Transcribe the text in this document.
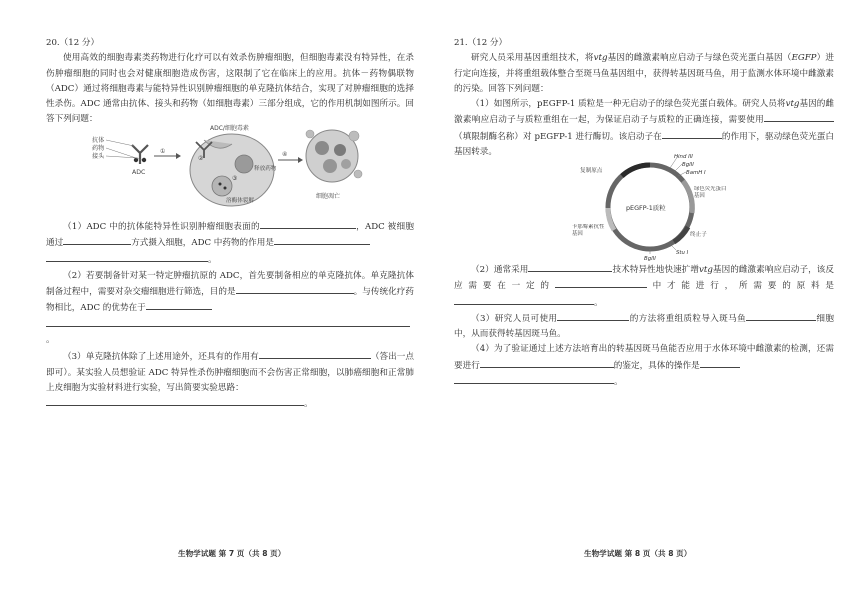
20.（12 分）

使用高效的细胞毒素类药物进行化疗可以有效杀伤肿瘤细胞，但细胞毒素没有特异性，在杀伤肿瘤细胞的同时也会对健康细胞造成伤害，这限制了它在临床上的应用。抗体－药物偶联物（ADC）通过将细胞毒素与能特异性识别肿瘤细胞的单克隆抗体结合，实现了对肿瘤细胞的选择性杀伤。ADC 通常由抗体、接头和药物（如细胞毒素）三部分组成，它的作用机制如图所示。回答下列问题：

抗体
药物
接头
ADC
①
ADC/细胞毒素
释放药物
溶酶体裂解
②
③
④
细胞凋亡

（1）ADC 中的抗体能特异性识别肿瘤细胞表面的	，ADC 被细胞通过	方式摄入细胞，ADC 中药物的作用是
。

（2）若要制备针对某一特定肿瘤抗原的 ADC，首先要制备相应的单克隆抗体。单克隆抗体制备过程中，需要对杂交瘤细胞进行筛选，目的是	。与传统化疗药物相比，ADC 的优势在于
。

（3）单克隆抗体除了上述用途外，还具有的作用有	（答出一点即可）。某实验人员想验证 ADC 特异性杀伤肿瘤细胞而不会伤害正常细胞，以肺癌细胞和正常肺上皮细胞为实验材料进行实验，写出简要实验思路：
。

生物学试题 第 7 页（共 8 页）

21.（12 分）

研究人员采用基因重组技术，将vtg基因的雌激素响应启动子与绿色荧光蛋白基因（EGFP）进行定向连接，并将重组载体整合至斑马鱼基因组中，获得转基因斑马鱼，用于监测水体环境中雌激素的污染。回答下列问题：

（1）如图所示，pEGFP-1 质粒是一种无启动子的绿色荧光蛋白载体。研究人员将vtg基因的雌激素响应启动子与质粒重组在一起，为保证启动子与质粒的正确连接，需要使用（填限制酶名称）对 pEGFP-1 进行酶切。该启动子在	的作用下，驱动绿色荧光蛋白基因转录。

pEGFP-1质粒
复制原点
Hind III
BglII
BamH I
绿色荧光蛋白基因
终止子
卡那霉素抗性基因
BglII
Stu I

（2）通常采用	技术特异性地快速扩增vtg基因的雌激素响应启动子，该反应需要在一定的	中才能进行，所需要的原料是。

（3）研究人员可使用	的方法将重组质粒导入斑马鱼	细胞中，从而获得转基因斑马鱼。

（4）为了验证通过上述方法培育出的转基因斑马鱼能否应用于水体环境中雌激素的检测，还需要进行	的鉴定，具体的操作是
。

生物学试题 第 8 页（共 8 页）
